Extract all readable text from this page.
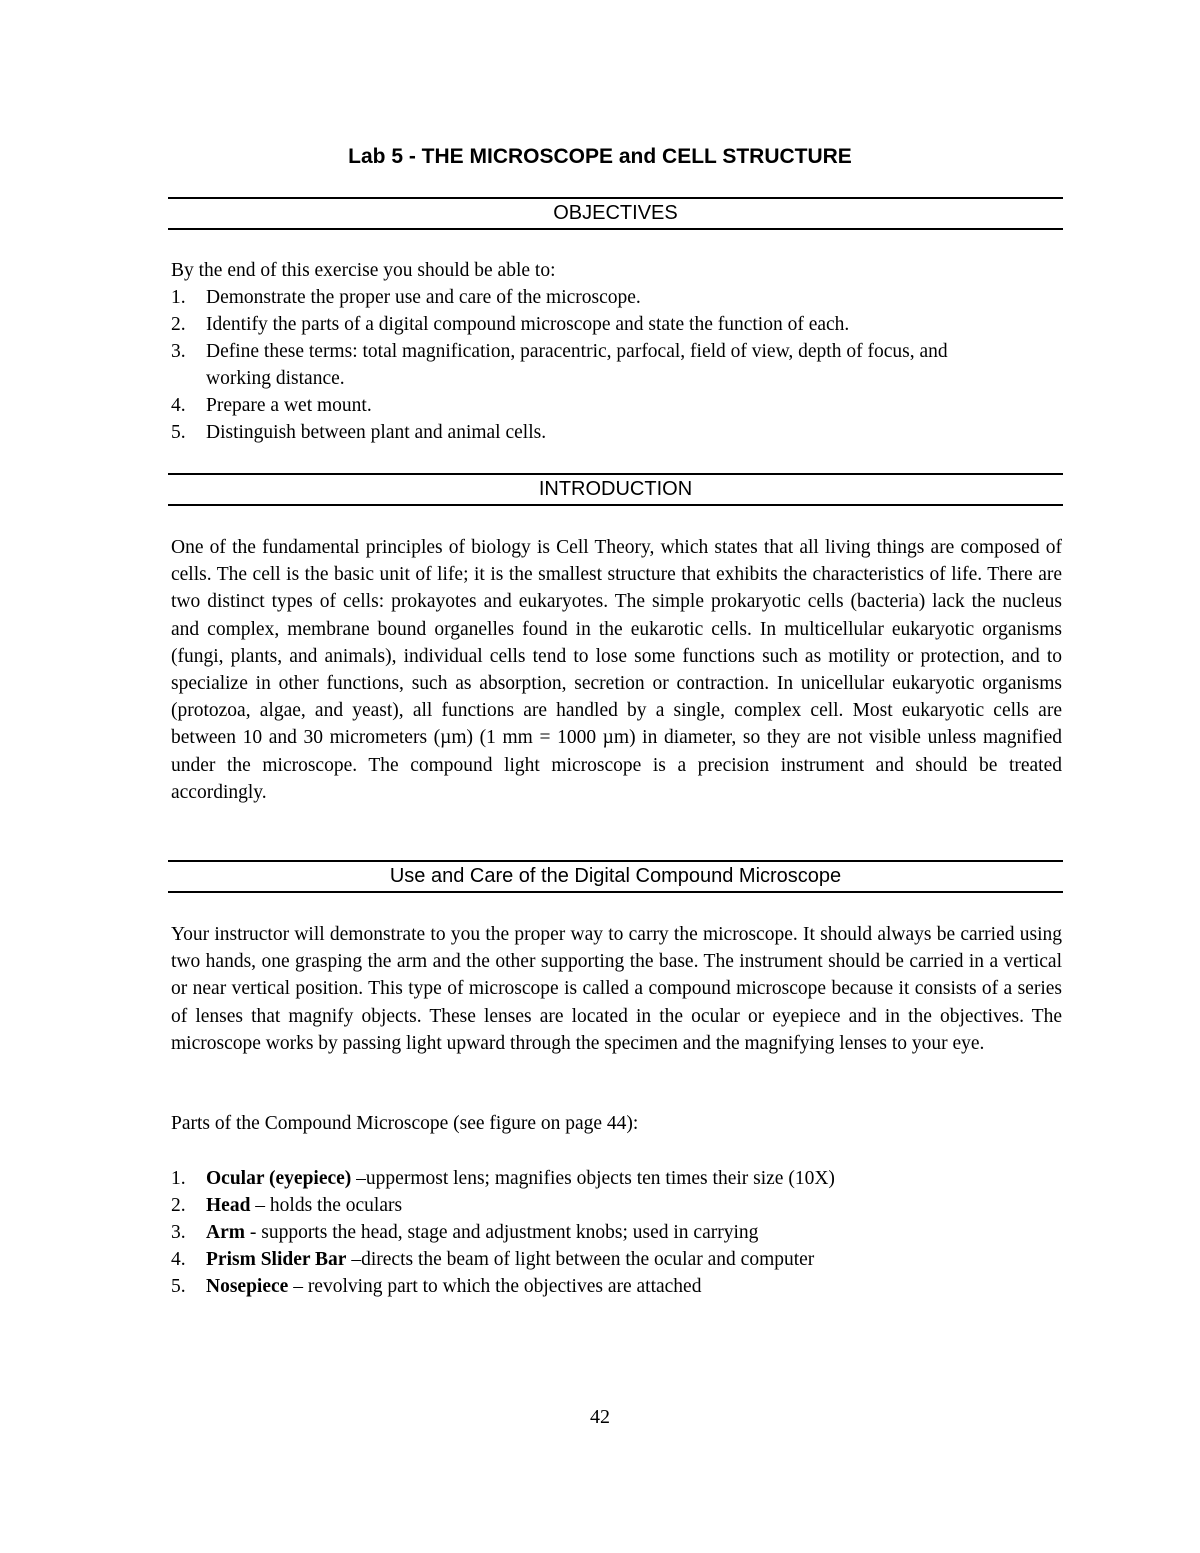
Lab 5 - THE MICROSCOPE and CELL STRUCTURE
OBJECTIVES

By the end of this exercise you should be able to:

1. Demonstrate the proper use and care of the microscope.
2. Identify the parts of a digital compound microscope and state the function of each.
3. Define these terms: total magnification, paracentric, parfocal, field of view, depth of focus, and working distance.
4. Prepare a wet mount.
5. Distinguish between plant and animal cells.
INTRODUCTION

One of the fundamental principles of biology is Cell Theory, which states that all living things are composed of cells. The cell is the basic unit of life; it is the smallest structure that exhibits the characteristics of life. There are two distinct types of cells: prokayotes and eukaryotes. The simple prokaryotic cells (bacteria) lack the nucleus and complex, membrane bound organelles found in the eukarotic cells. In multicellular eukaryotic organisms (fungi, plants, and animals), individual cells tend to lose some functions such as motility or protection, and to specialize in other functions, such as absorption, secretion or contraction. In unicellular eukaryotic organisms (protozoa, algae, and yeast), all functions are handled by a single, complex cell. Most eukaryotic cells are between 10 and 30 micrometers (µm) (1 mm = 1000 µm) in diameter, so they are not visible unless magnified under the microscope. The compound light microscope is a precision instrument and should be treated accordingly.

Use and Care of the Digital Compound Microscope

Your instructor will demonstrate to you the proper way to carry the microscope. It should always be carried using two hands, one grasping the arm and the other supporting the base. The instrument should be carried in a vertical or near vertical position. This type of microscope is called a compound microscope because it consists of a series of lenses that magnify objects. These lenses are located in the ocular or eyepiece and in the objectives. The microscope works by passing light upward through the specimen and the magnifying lenses to your eye.

Parts of the Compound Microscope (see figure on page 44):

1. Ocular (eyepiece) –uppermost lens; magnifies objects ten times their size (10X)
2. Head – holds the oculars
3. Arm - supports the head, stage and adjustment knobs; used in carrying
4. Prism Slider Bar –directs the beam of light between the ocular and computer
5. Nosepiece – revolving part to which the objectives are attached
42
